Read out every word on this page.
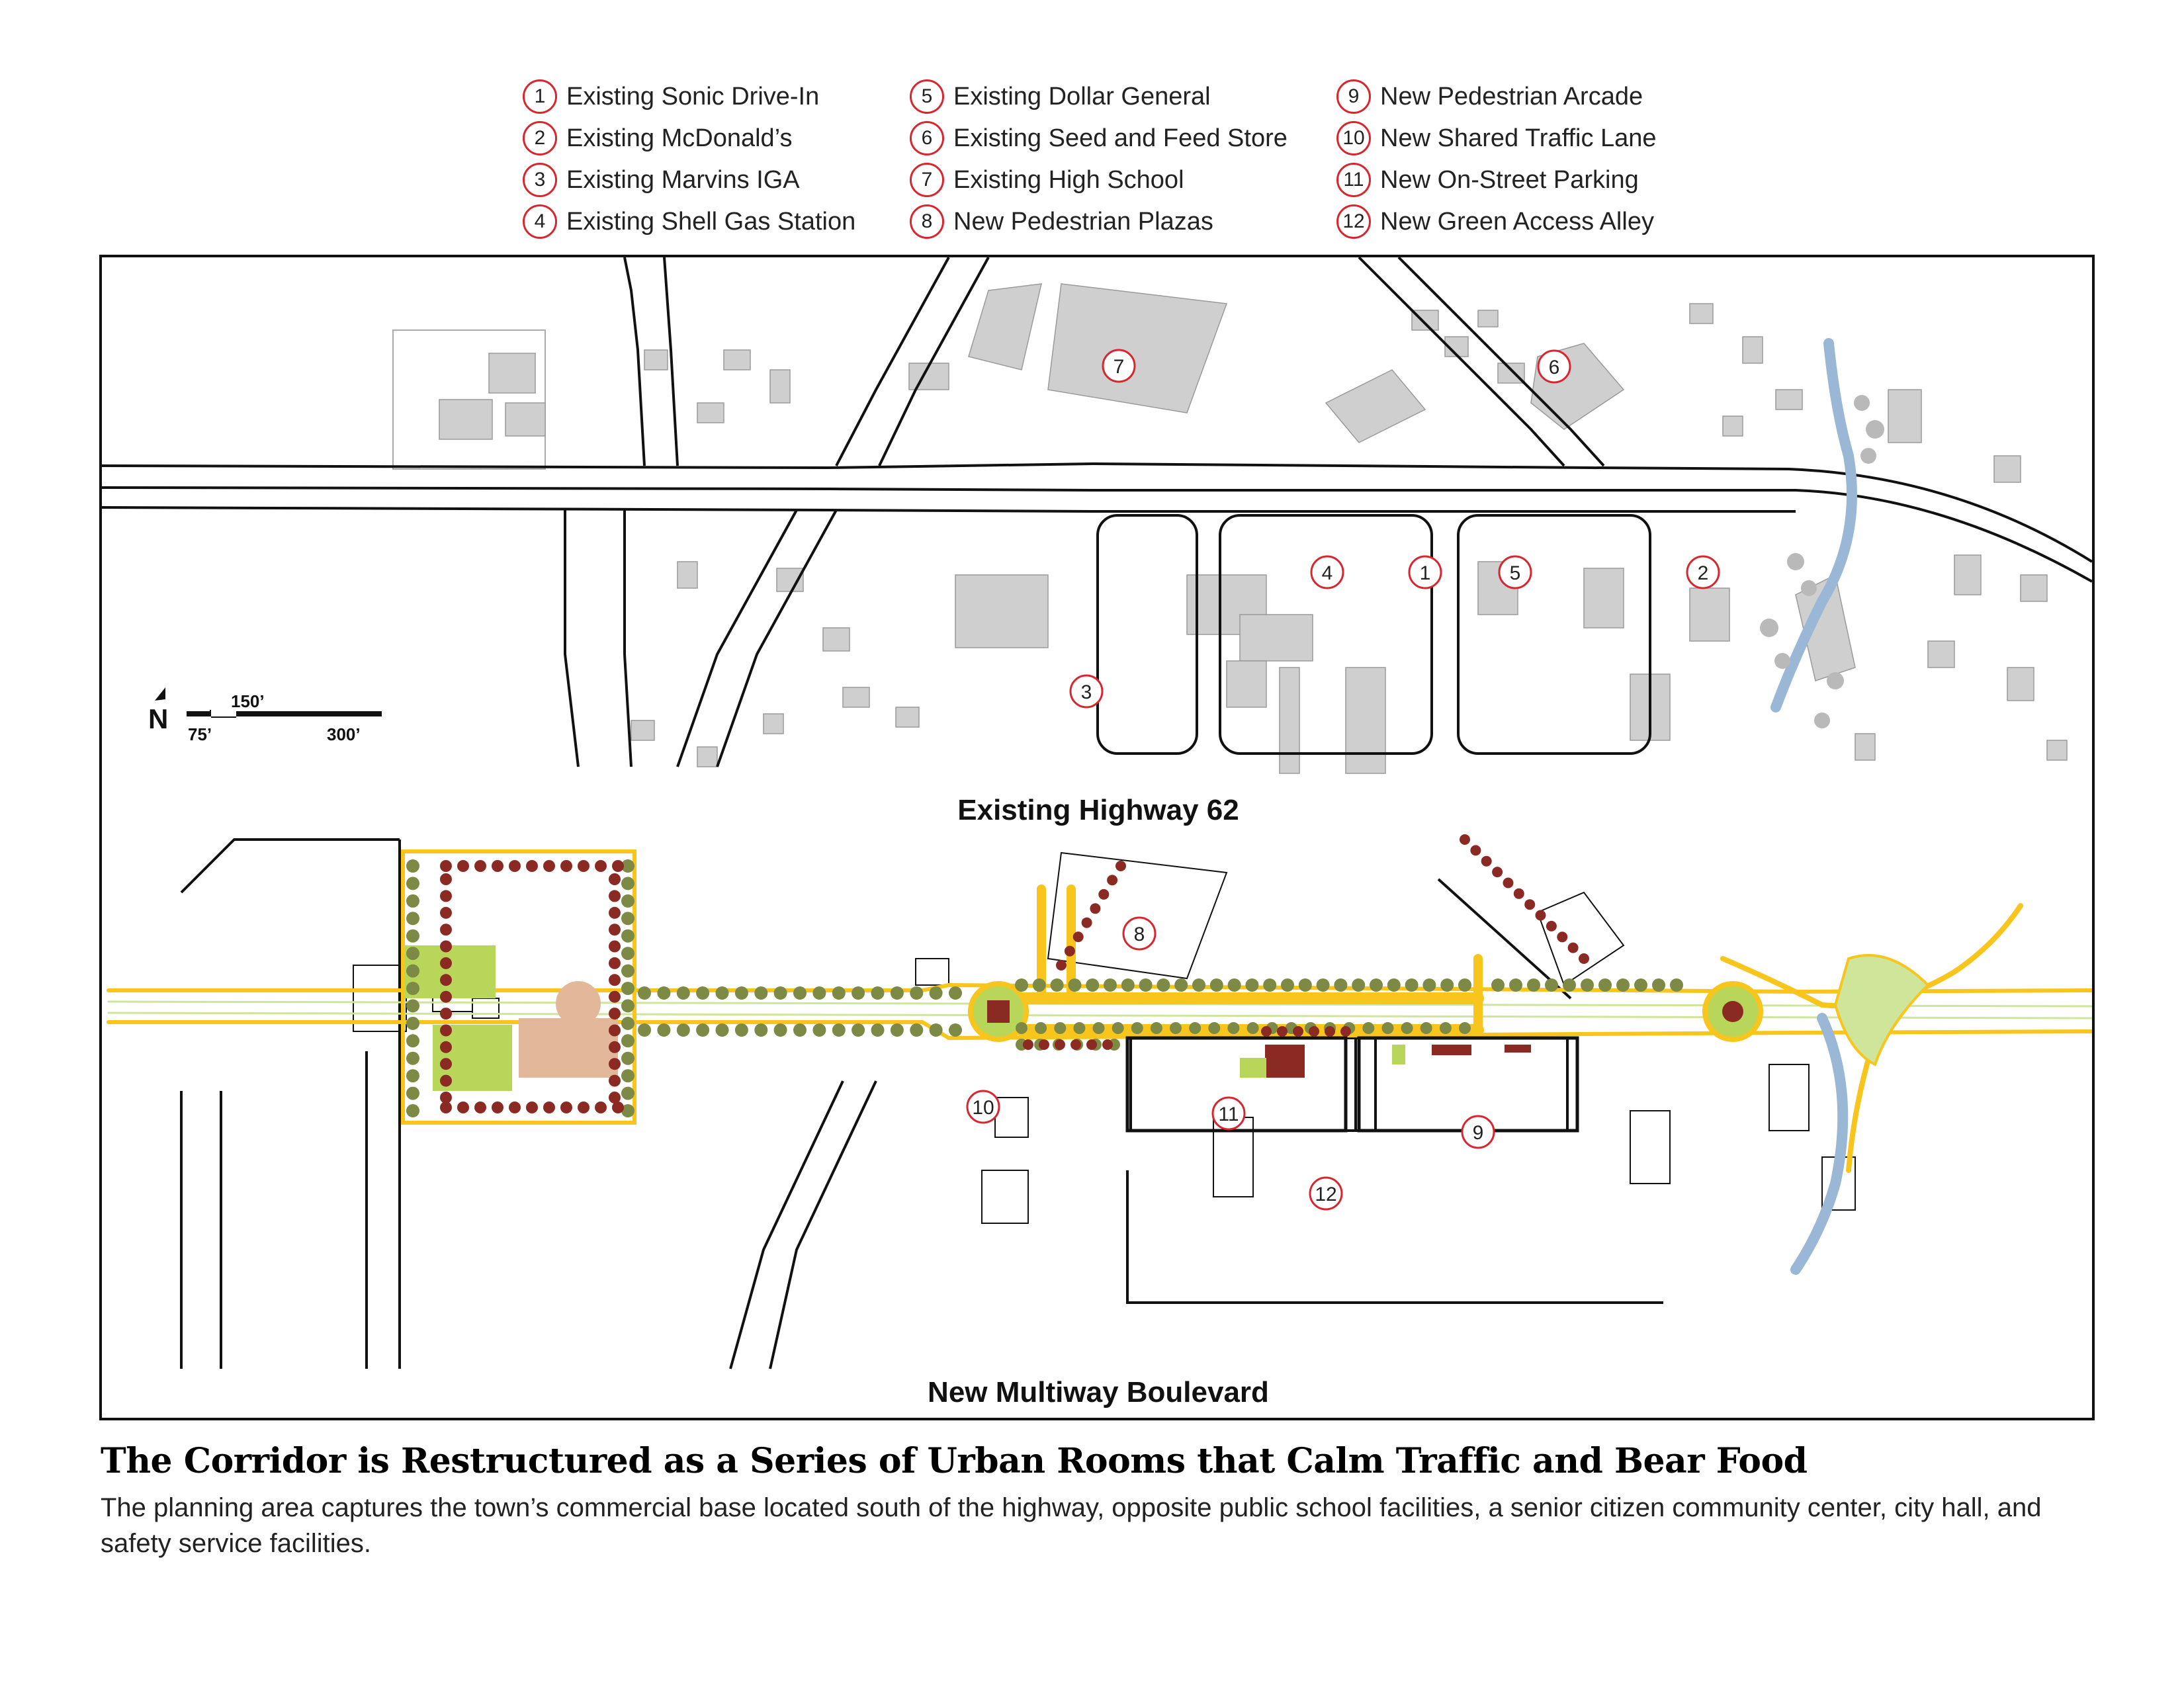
1 Existing Sonic Drive-In
2 Existing McDonald’s
3 Existing Marvins IGA
4 Existing Shell Gas Station
5 Existing Dollar General
6 Existing Seed and Feed Store
7 Existing High School
8 New Pedestrian Plazas
9 New Pedestrian Arcade
10 New Shared Traffic Lane
11 New On-Street Parking
12 New Green Access Alley
N 75’
150’
300’
7	6
4	1	5	2
3
8
10	11
9
12
Existing Highway 62
New Multiway Boulevard
The Corridor is Restructured as a Series of Urban Rooms that Calm Traffic and Bear Food
The planning area captures the town’s commercial base located south of the highway, opposite public school facilities, a senior citizen community center, city hall, and safety service facilities.
